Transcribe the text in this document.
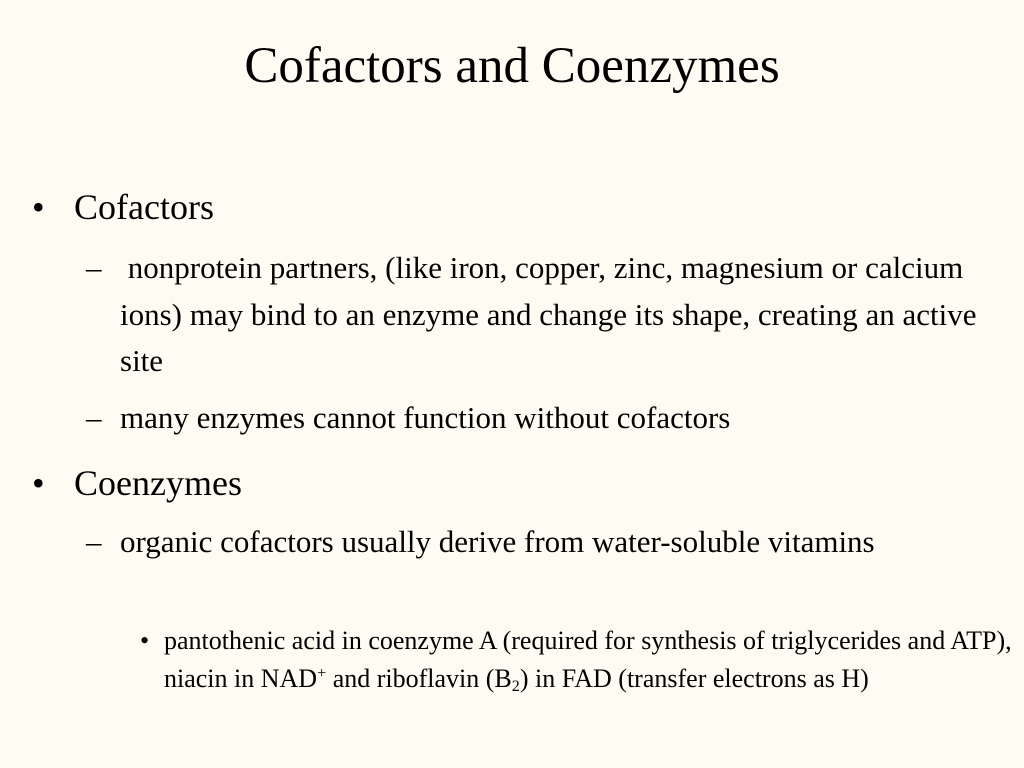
Cofactors and Coenzymes
• Cofactors
– nonprotein partners, (like iron, copper, zinc, magnesium or calcium ions) may bind to an enzyme and change its shape, creating an active site
– many enzymes cannot function without cofactors
• Coenzymes
– organic cofactors usually derive from water-soluble vitamins
• pantothenic acid in coenzyme A (required for synthesis of triglycerides and ATP), niacin in NAD+ and riboflavin $(B_2)$ in FAD (transfer electrons as H)
